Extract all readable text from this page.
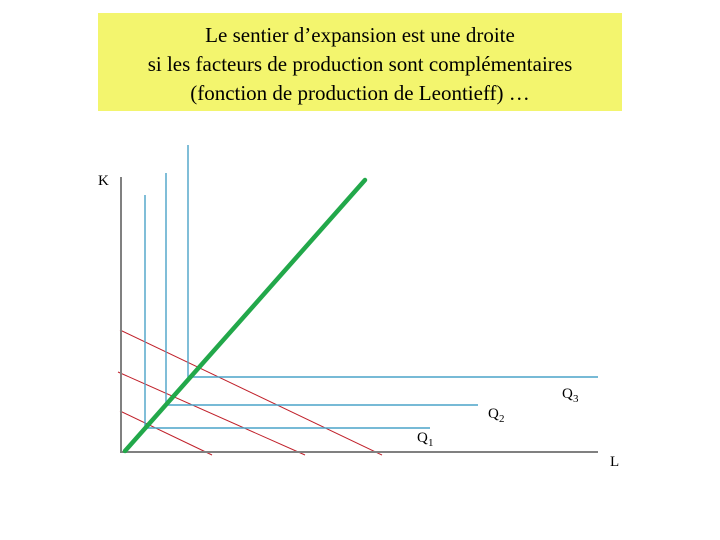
Le sentier d’expansion est une droite
si les facteurs de production sont complémentaires
(fonction de production de Leontieff) …
K
L
Q 1
Q 2
Q 3
